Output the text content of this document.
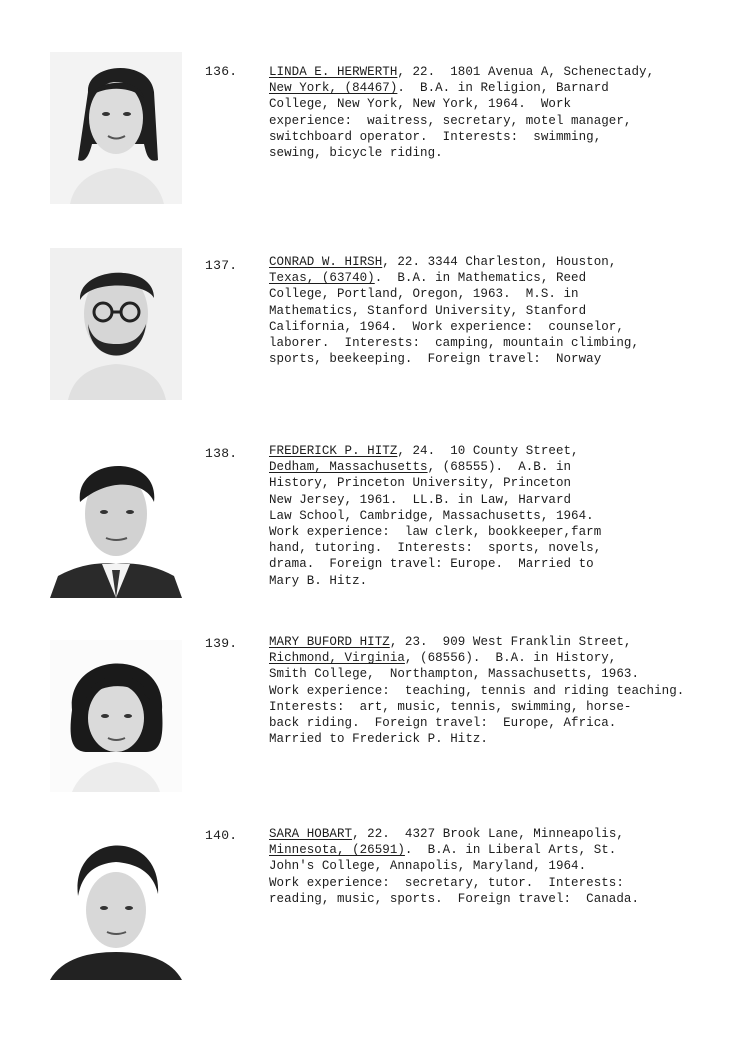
136.	LINDA E. HERWERTH, 22.  1801 Avenua A, Schenectady,
New York, (84467).  B.A. in Religion, Barnard
College, New York, New York, 1964.  Work
experience:  waitress, secretary, motel manager,
switchboard operator.  Interests:  swimming,
sewing, bicycle riding.
137.	CONRAD W. HIRSH, 22. 3344 Charleston, Houston,
Texas, (63740).  B.A. in Mathematics, Reed
College, Portland, Oregon, 1963.  M.S. in
Mathematics, Stanford University, Stanford
California, 1964.  Work experience:  counselor,
laborer.  Interests:  camping, mountain climbing,
sports, beekeeping.  Foreign travel:  Norway
138.	FREDERICK P. HITZ, 24.  10 County Street,
Dedham, Massachusetts, (68555).  A.B. in
History, Princeton University, Princeton
New Jersey, 1961.  LL.B. in Law, Harvard
Law School, Cambridge, Massachusetts, 1964.
Work experience:  law clerk, bookkeeper,farm
hand, tutoring.  Interests:  sports, novels,
drama.  Foreign travel: Europe.  Married to
Mary B. Hitz.
139.	MARY BUFORD HITZ, 23.  909 West Franklin Street,
Richmond, Virginia, (68556).  B.A. in History,
Smith College,  Northampton, Massachusetts, 1963.
Work experience:  teaching, tennis and riding teaching.
Interests:  art, music, tennis, swimming, horse-
back riding.  Foreign travel:  Europe, Africa.
Married to Frederick P. Hitz.
140.	SARA HOBART, 22.  4327 Brook Lane, Minneapolis,
Minnesota, (26591).  B.A. in Liberal Arts, St.
John's College, Annapolis, Maryland, 1964.
Work experience:  secretary, tutor.  Interests:
reading, music, sports.  Foreign travel:  Canada.
